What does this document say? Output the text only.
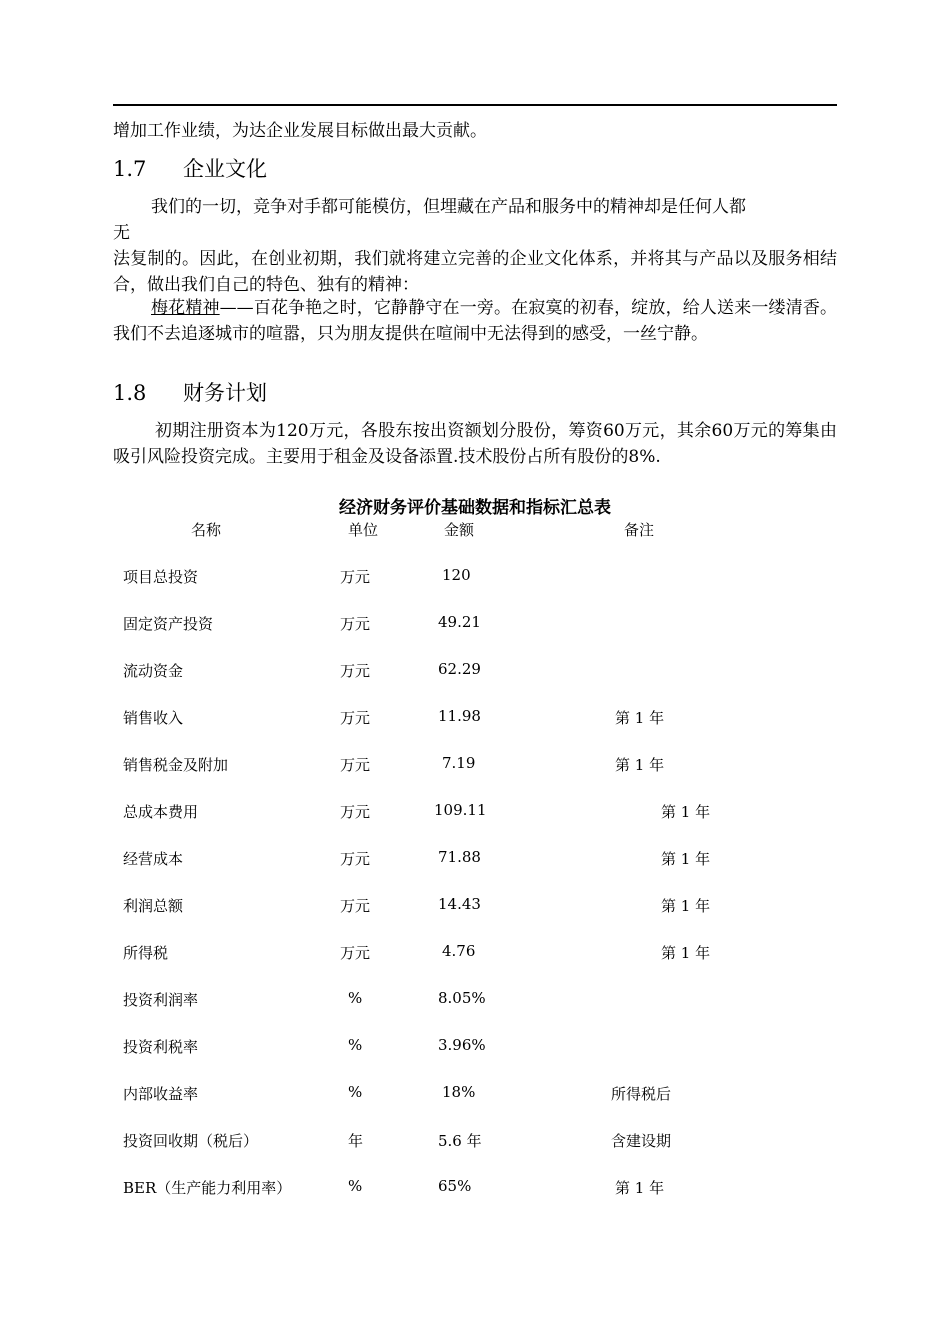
增加工作业绩，为达企业发展目标做出最大贡献。

1.7 企业文化

我们的一切，竞争对手都可能模仿，但埋藏在产品和服务中的精神却是任何人都

无

法复制的。因此，在创业初期，我们就将建立完善的企业文化体系，并将其与产品以及服务相结合，做出我们自己的特色、独有的精神：

梅花精神——百花争艳之时，它静静守在一旁。在寂寞的初春，绽放，给人送来一缕清香。我们不去追逐城市的喧嚣，只为朋友提供在喧闹中无法得到的感受，一丝宁静。

1.8 财务计划

初期注册资本为120万元，各股东按出资额划分股份，筹资60万元，其余60万元的筹集由吸引风险投资完成。主要用于租金及设备添置.技术股份占所有股份的8%.

经济财务评价基础数据和指标汇总表

名称	单位	金额	备注
项目总投资	万元	120
固定资产投资	万元	49.21
流动资金	万元	62.29
销售收入	万元	11.98	第 1 年
销售税金及附加	万元	7.19	第 1 年
总成本费用	万元	109.11	第 1 年
经营成本	万元	71.88	第 1 年
利润总额	万元	14.43	第 1 年
所得税	万元	4.76	第 1 年
投资利润率	%	8.05%
投资利税率	%	3.96%
内部收益率	%	18%	所得税后
投资回收期（税后）	年	5.6 年	含建设期
BER（生产能力利用率）	%	65%	第 1 年
